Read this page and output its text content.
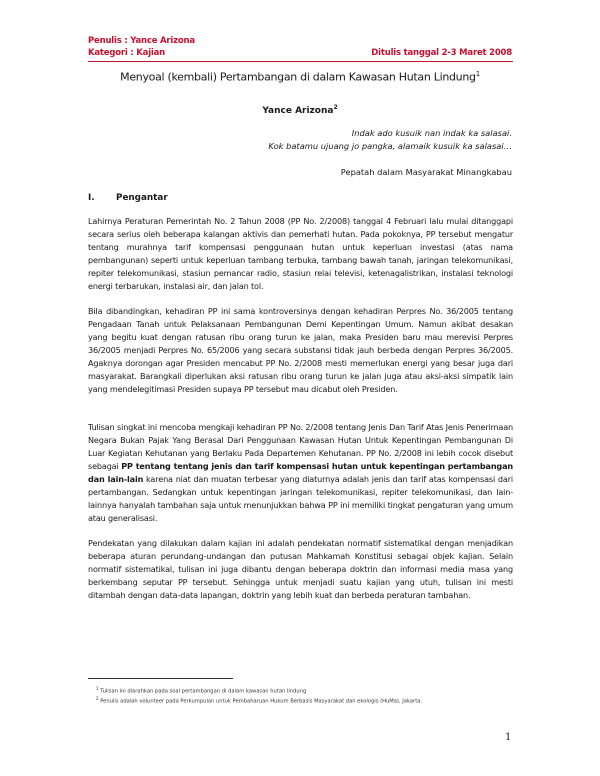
Penulis : Yance Arizona
Kategori : Kajian	Ditulis tanggal 2-3 Maret 2008
Menyoal (kembali) Pertambangan di dalam Kawasan Hutan Lindung$^1$
Yance Arizona$^2$
Indak ado kusuik nan indak ka salasai.
Kok batamu ujuang jo pangka, alamaik kusuik ka salasai…
Pepatah dalam Masyarakat Minangkabau
I. Pengantar
Lahirnya Peraturan Pemerintah No. 2 Tahun 2008 (PP No. 2/2008) tanggal 4 Februari lalu mulai ditanggapi secara serius oleh beberapa kalangan aktivis dan pemerhati hutan. Pada pokoknya, PP tersebut mengatur tentang murahnya tarif kompensasi penggunaan hutan untuk keperluan investasi (atas nama pembangunan) seperti untuk keperluan tambang terbuka, tambang bawah tanah, jaringan telekomunikasi, repiter telekomunikasi, stasiun pemancar radio, stasiun relai televisi, ketenagalistrikan, instalasi teknologi energi terbarukan, instalasi air, dan jalan tol.
Bila dibandingkan, kehadiran PP ini sama kontroversinya dengan kehadiran Perpres No. 36/2005 tentang Pengadaan Tanah untuk Pelaksanaan Pembangunan Demi Kepentingan Umum. Namun akibat desakan yang begitu kuat dengan ratusan ribu orang turun ke jalan, maka Presiden baru mau merevisi Perpres 36/2005 menjadi Perpres No. 65/2006 yang secara substansi tidak jauh berbeda dengan Perpres 36/2005. Agaknya dorongan agar Presiden mencabut PP No. 2/2008 mesti memerlukan energi yang besar juga dari masyarakat. Barangkali diperlukan aksi ratusan ribu orang turun ke jalan juga atau aksi-aksi simpatik lain yang mendelegitimasi Presiden supaya PP tersebut mau dicabut oleh Presiden.
Tulisan singkat ini mencoba mengkaji kehadiran PP No. 2/2008 tentang Jenis Dan Tarif Atas Jenis Penerimaan Negara Bukan Pajak Yang Berasal Dari Penggunaan Kawasan Hutan Untuk Kepentingan Pembangunan Di Luar Kegiatan Kehutanan yang Berlaku Pada Departemen Kehutanan. PP No. 2/2008 ini lebih cocok disebut sebagai PP tentang tentang jenis dan tarif kompensasi hutan untuk kepentingan pertambangan dan lain-lain karena niat dan muatan terbesar yang diaturnya adalah jenis dan tarif atas kompensasi dari pertambangan. Sedangkan untuk kepentingan jaringan telekomunikasi, repiter telekomunikasi, dan lain-lainnya hanyalah tambahan saja untuk menunjukkan bahwa PP ini memiliki tingkat pengaturan yang umum atau generalisasi.
Pendekatan yang dilakukan dalam kajian ini adalah pendekatan normatif sistematikal dengan menjadikan beberapa aturan perundang-undangan dan putusan Mahkamah Konstitusi sebagai objek kajian. Selain normatif sistematikal, tulisan ini juga dibantu dengan beberapa doktrin dan informasi media masa yang berkembang seputar PP tersebut. Sehingga untuk menjadi suatu kajian yang utuh, tulisan ini mesti ditambah dengan data-data lapangan, doktrin yang lebih kuat dan berbeda peraturan tambahan.
$^1$ Tulisan ini diarahkan pada soal pertambangan di dalam kawasan hutan lindung
$^2$ Penulis adalah volunteer pada Perkumpulan untuk Pembaharuan Hukum Berbasis Masyarakat dan ekologis (HuMa), Jakarta.
1
